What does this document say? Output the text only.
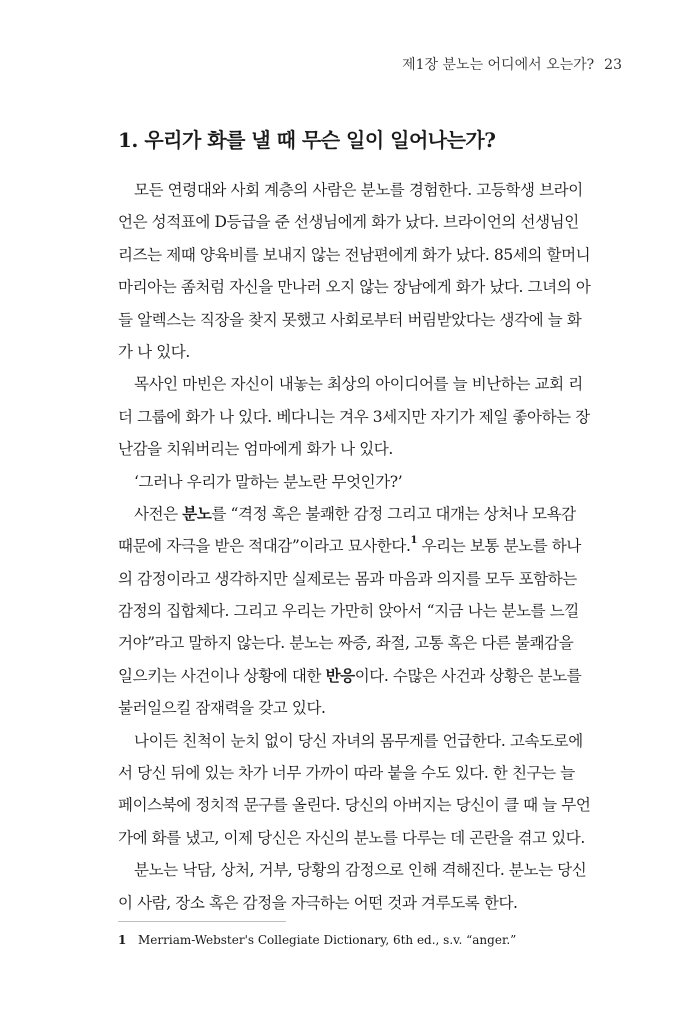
제1장 분노는 어디에서 오는가? 23
1. 우리가 화를 낼 때 무슨 일이 일어나는가?
모든 연령대와 사회 계층의 사람은 분노를 경험한다. 고등학생 브라이
언은 성적표에 D등급을 준 선생님에게 화가 났다. 브라이언의 선생님인
리즈는 제때 양육비를 보내지 않는 전남편에게 화가 났다. 85세의 할머니
마리아는 좀처럼 자신을 만나러 오지 않는 장남에게 화가 났다. 그녀의 아
들 알렉스는 직장을 찾지 못했고 사회로부터 버림받았다는 생각에 늘 화
가 나 있다.
목사인 마빈은 자신이 내놓는 최상의 아이디어를 늘 비난하는 교회 리
더 그룹에 화가 나 있다. 베다니는 겨우 3세지만 자기가 제일 좋아하는 장
난감을 치워버리는 엄마에게 화가 나 있다.
‘그러나 우리가 말하는 분노란 무엇인가?’
사전은 분노를 “격정 혹은 불쾌한 감정 그리고 대개는 상처나 모욕감
때문에 자극을 받은 적대감”이라고 묘사한다.$^1$ 우리는 보통 분노를 하나
의 감정이라고 생각하지만 실제로는 몸과 마음과 의지를 모두 포함하는
감정의 집합체다. 그리고 우리는 가만히 앉아서 “지금 나는 분노를 느낄
거야”라고 말하지 않는다. 분노는 짜증, 좌절, 고통 혹은 다른 불쾌감을
일으키는 사건이나 상황에 대한 반응이다. 수많은 사건과 상황은 분노를
불러일으킬 잠재력을 갖고 있다.
나이든 친척이 눈치 없이 당신 자녀의 몸무게를 언급한다. 고속도로에
서 당신 뒤에 있는 차가 너무 가까이 따라 붙을 수도 있다. 한 친구는 늘
페이스북에 정치적 문구를 올린다. 당신의 아버지는 당신이 클 때 늘 무언
가에 화를 냈고, 이제 당신은 자신의 분노를 다루는 데 곤란을 겪고 있다.
분노는 낙담, 상처, 거부, 당황의 감정으로 인해 격해진다. 분노는 당신
이 사람, 장소 혹은 감정을 자극하는 어떤 것과 겨루도록 한다.
1 Merriam-Webster's Collegiate Dictionary, 6th ed., s.v. “anger.”
